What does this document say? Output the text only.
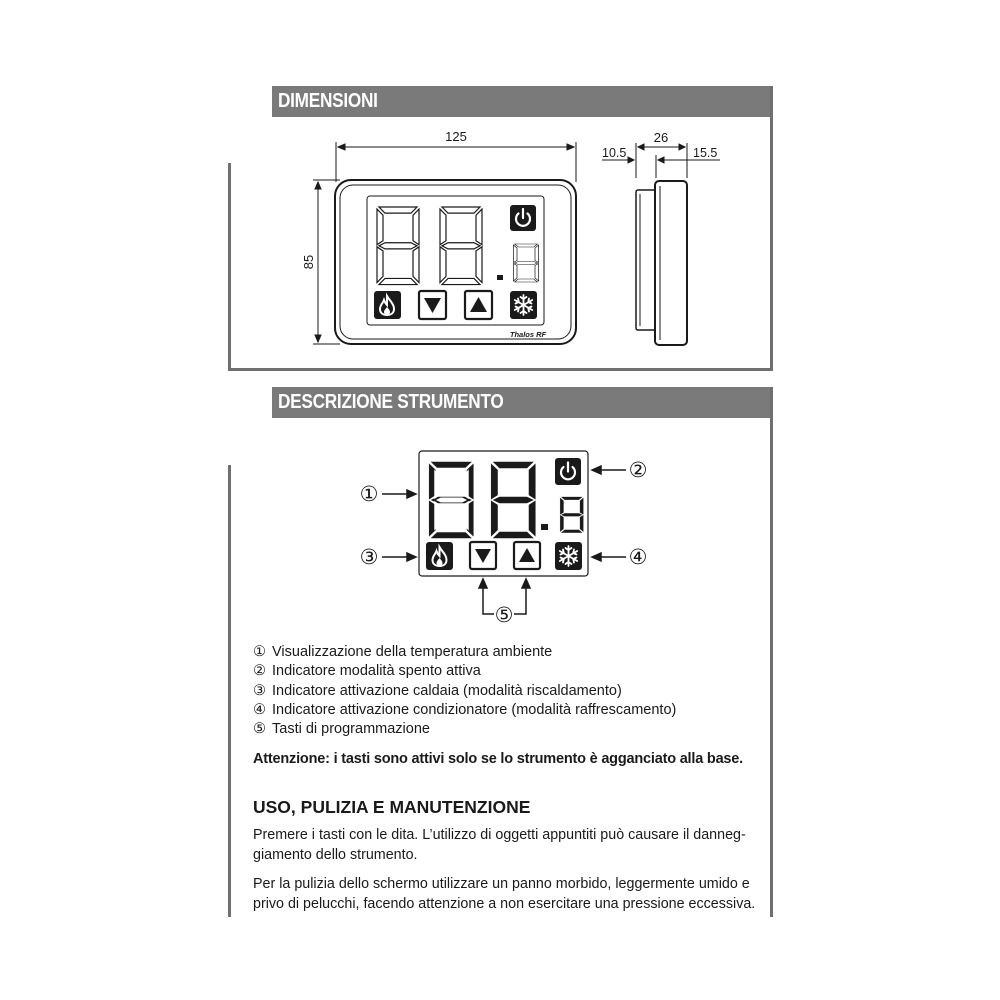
DIMENSIONI
DESCRIZIONE STRUMENTO
125
85
Thalos RF
26
10.5	15.5
①
②
③	④
⑤
① Visualizzazione della temperatura ambiente
② Indicatore modalità spento attiva
③ Indicatore attivazione caldaia (modalità riscaldamento)
④ Indicatore attivazione condizionatore (modalità raffrescamento)
⑤ Tasti di programmazione
Attenzione: i tasti sono attivi solo se lo strumento è agganciato alla base.
USO, PULIZIA E MANUTENZIONE
Premere i tasti con le dita. L’utilizzo di oggetti appuntiti può causare il danneg-giamento dello strumento.
Per la pulizia dello schermo utilizzare un panno morbido, leggermente umido e privo di pelucchi, facendo attenzione a non esercitare una pressione eccessiva.
